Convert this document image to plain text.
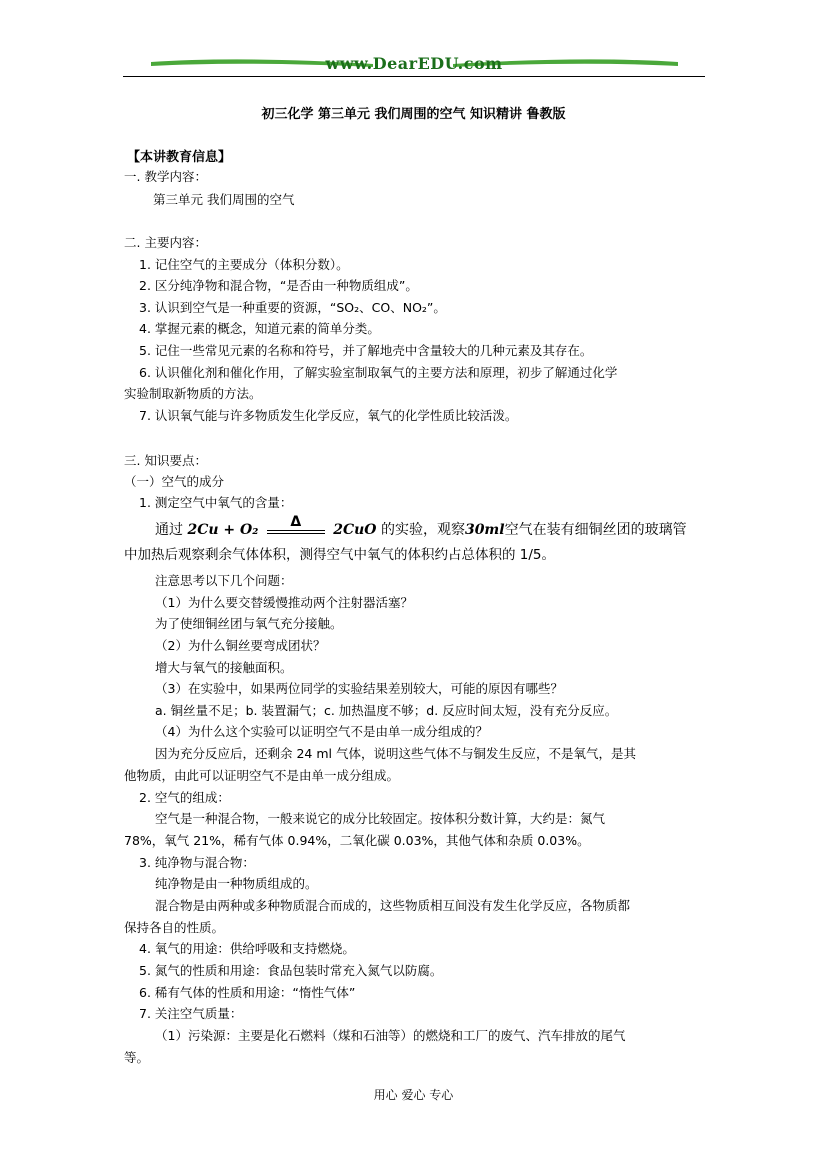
www.DearEDU.com
初三化学 第三单元 我们周围的空气 知识精讲 鲁教版
【本讲教育信息】
一. 教学内容：
第三单元 我们周围的空气
二. 主要内容：
1. 记住空气的主要成分（体积分数）。
2. 区分纯净物和混合物，“是否由一种物质组成”。
3. 认识到空气是一种重要的资源，“SO₂、CO、NO₂”。
4. 掌握元素的概念，知道元素的简单分类。
5. 记住一些常见元素的名称和符号，并了解地壳中含量较大的几种元素及其存在。
6. 认识催化剂和催化作用，了解实验室制取氧气的主要方法和原理，初步了解通过化学
实验制取新物质的方法。
7. 认识氧气能与许多物质发生化学反应，氧气的化学性质比较活泼。
三. 知识要点：
（一）空气的成分
1. 测定空气中氧气的含量：
通过 2Cu + O₂	Δ	2CuO 的实验，观察30ml空气在装有细铜丝团的玻璃管
中加热后观察剩余气体体积，测得空气中氧气的体积约占总体积的 1/5。
注意思考以下几个问题：
（1）为什么要交替缓慢推动两个注射器活塞？
为了使细铜丝团与氧气充分接触。
（2）为什么铜丝要弯成团状？
增大与氧气的接触面积。
（3）在实验中，如果两位同学的实验结果差别较大，可能的原因有哪些？
a. 铜丝量不足；b. 装置漏气；c. 加热温度不够；d. 反应时间太短，没有充分反应。
（4）为什么这个实验可以证明空气不是由单一成分组成的？
因为充分反应后，还剩余 24 ml 气体，说明这些气体不与铜发生反应，不是氧气，是其
他物质，由此可以证明空气不是由单一成分组成。
2. 空气的组成：
空气是一种混合物，一般来说它的成分比较固定。按体积分数计算，大约是：氮气
78%，氧气 21%，稀有气体 0.94%，二氧化碳 0.03%，其他气体和杂质 0.03%。
3. 纯净物与混合物：
纯净物是由一种物质组成的。
混合物是由两种或多种物质混合而成的，这些物质相互间没有发生化学反应，各物质都
保持各自的性质。
4. 氧气的用途：供给呼吸和支持燃烧。
5. 氮气的性质和用途：食品包装时常充入氮气以防腐。
6. 稀有气体的性质和用途：“惰性气体”
7. 关注空气质量：
（1）污染源：主要是化石燃料（煤和石油等）的燃烧和工厂的废气、汽车排放的尾气
等。
用心 爱心 专心
